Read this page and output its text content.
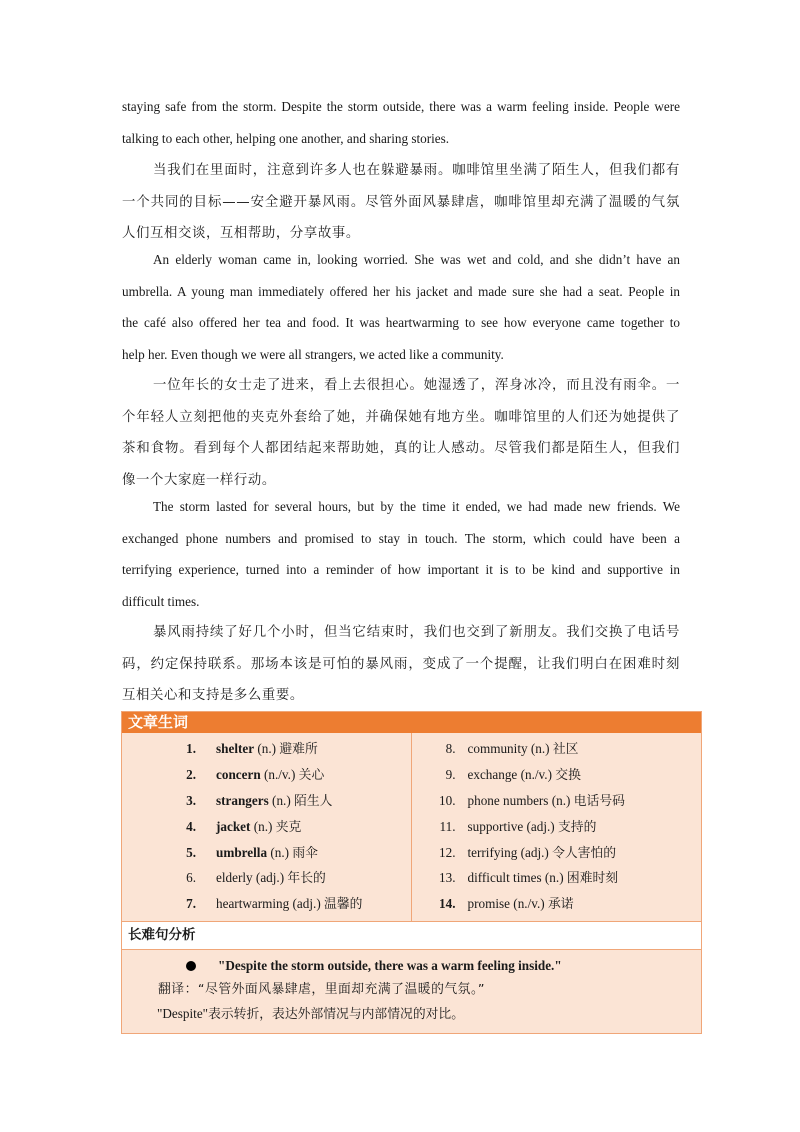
staying safe from the storm. Despite the storm outside, there was a warm feeling inside. People were
talking to each other, helping one another, and sharing stories.
当我们在里面时，注意到许多人也在躲避暴雨。咖啡馆里坐满了陌生人，但我们都有
一个共同的目标——安全避开暴风雨。尽管外面风暴肆虐，咖啡馆里却充满了温暖的气氛
人们互相交谈，互相帮助，分享故事。
An elderly woman came in, looking worried. She was wet and cold, and she didn’t have an
umbrella. A young man immediately offered her his jacket and made sure she had a seat. People in
the café also offered her tea and food. It was heartwarming to see how everyone came together to
help her. Even though we were all strangers, we acted like a community.
一位年长的女士走了进来，看上去很担心。她湿透了，浑身冰冷，而且没有雨伞。一
个年轻人立刻把他的夹克外套给了她，并确保她有地方坐。咖啡馆里的人们还为她提供了
茶和食物。看到每个人都团结起来帮助她，真的让人感动。尽管我们都是陌生人，但我们
像一个大家庭一样行动。
The storm lasted for several hours, but by the time it ended, we had made new friends. We
exchanged phone numbers and promised to stay in touch. The storm, which could have been a
terrifying experience, turned into a reminder of how important it is to be kind and supportive in
difficult times.
暴风雨持续了好几个小时，但当它结束时，我们也交到了新朋友。我们交换了电话号
码，约定保持联系。那场本该是可怕的暴风雨，变成了一个提醒，让我们明白在困难时刻
互相关心和支持是多么重要。
文章生词
1. shelter (n.) 避难所
2. concern (n./v.) 关心
3. strangers (n.) 陌生人
4. jacket (n.) 夹克
5. umbrella (n.) 雨伞
6. elderly (adj.) 年长的
7. heartwarming (adj.) 温馨的
8. community (n.) 社区
9. exchange (n./v.) 交换
10. phone numbers (n.) 电话号码
11. supportive (adj.) 支持的
12. terrifying (adj.) 令人害怕的
13. difficult times (n.) 困难时刻
14. promise (n./v.) 承诺
长难句分析
"Despite the storm outside, there was a warm feeling inside."
翻译：“尽管外面风暴肆虐，里面却充满了温暖的气氛。”
"Despite"表示转折，表达外部情况与内部情况的对比。
